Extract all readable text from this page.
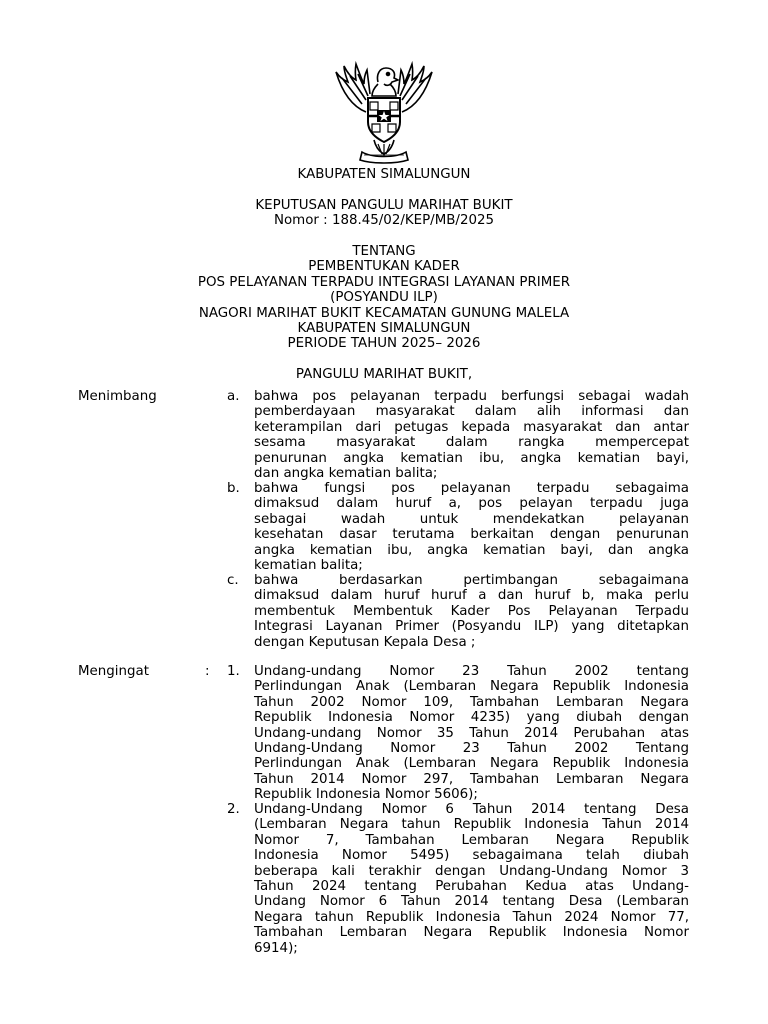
KABUPATEN SIMALUNGUN
KEPUTUSAN PANGULU MARIHAT BUKIT
Nomor : 188.45/02/KEP/MB/2025
TENTANG
PEMBENTUKAN KADER
POS PELAYANAN TERPADU INTEGRASI LAYANAN PRIMER
(POSYANDU ILP)
NAGORI MARIHAT BUKIT KECAMATAN GUNUNG MALELA
KABUPATEN SIMALUNGUN
PERIODE TAHUN 2025– 2026
PANGULU MARIHAT BUKIT,
Menimbang	a. bahwa pos pelayanan terpadu berfungsi sebagai wadah
pemberdayaan masyarakat dalam alih informasi dan
keterampilan dari petugas kepada masyarakat dan antar
sesama masyarakat dalam rangka mempercepat
penurunan angka kematian ibu, angka kematian bayi,
dan angka kematian balita;
b. bahwa fungsi pos pelayanan terpadu sebagaima
dimaksud dalam huruf a, pos pelayan terpadu juga
sebagai wadah untuk mendekatkan pelayanan
kesehatan dasar terutama berkaitan dengan penurunan
angka kematian ibu, angka kematian bayi, dan angka
kematian balita;
c. bahwa berdasarkan pertimbangan sebagaimana
dimaksud dalam huruf huruf a dan huruf b, maka perlu
membentuk Membentuk Kader Pos Pelayanan Terpadu
Integrasi Layanan Primer (Posyandu ILP) yang ditetapkan
dengan Keputusan Kepala Desa ;
Mengingat	: 1. Undang-undang Nomor 23 Tahun 2002 tentang
Perlindungan Anak (Lembaran Negara Republik Indonesia
Tahun 2002 Nomor 109, Tambahan Lembaran Negara
Republik Indonesia Nomor 4235) yang diubah dengan
Undang-undang Nomor 35 Tahun 2014 Perubahan atas
Undang-Undang Nomor 23 Tahun 2002 Tentang
Perlindungan Anak (Lembaran Negara Republik Indonesia
Tahun 2014 Nomor 297, Tambahan Lembaran Negara
Republik Indonesia Nomor 5606);
2. Undang-Undang Nomor 6 Tahun 2014 tentang Desa
(Lembaran Negara tahun Republik Indonesia Tahun 2014
Nomor 7, Tambahan Lembaran Negara Republik
Indonesia Nomor 5495) sebagaimana telah diubah
beberapa kali terakhir dengan Undang-Undang Nomor 3
Tahun 2024 tentang Perubahan Kedua atas Undang-
Undang Nomor 6 Tahun 2014 tentang Desa (Lembaran
Negara tahun Republik Indonesia Tahun 2024 Nomor 77,
Tambahan Lembaran Negara Republik Indonesia Nomor
6914);
